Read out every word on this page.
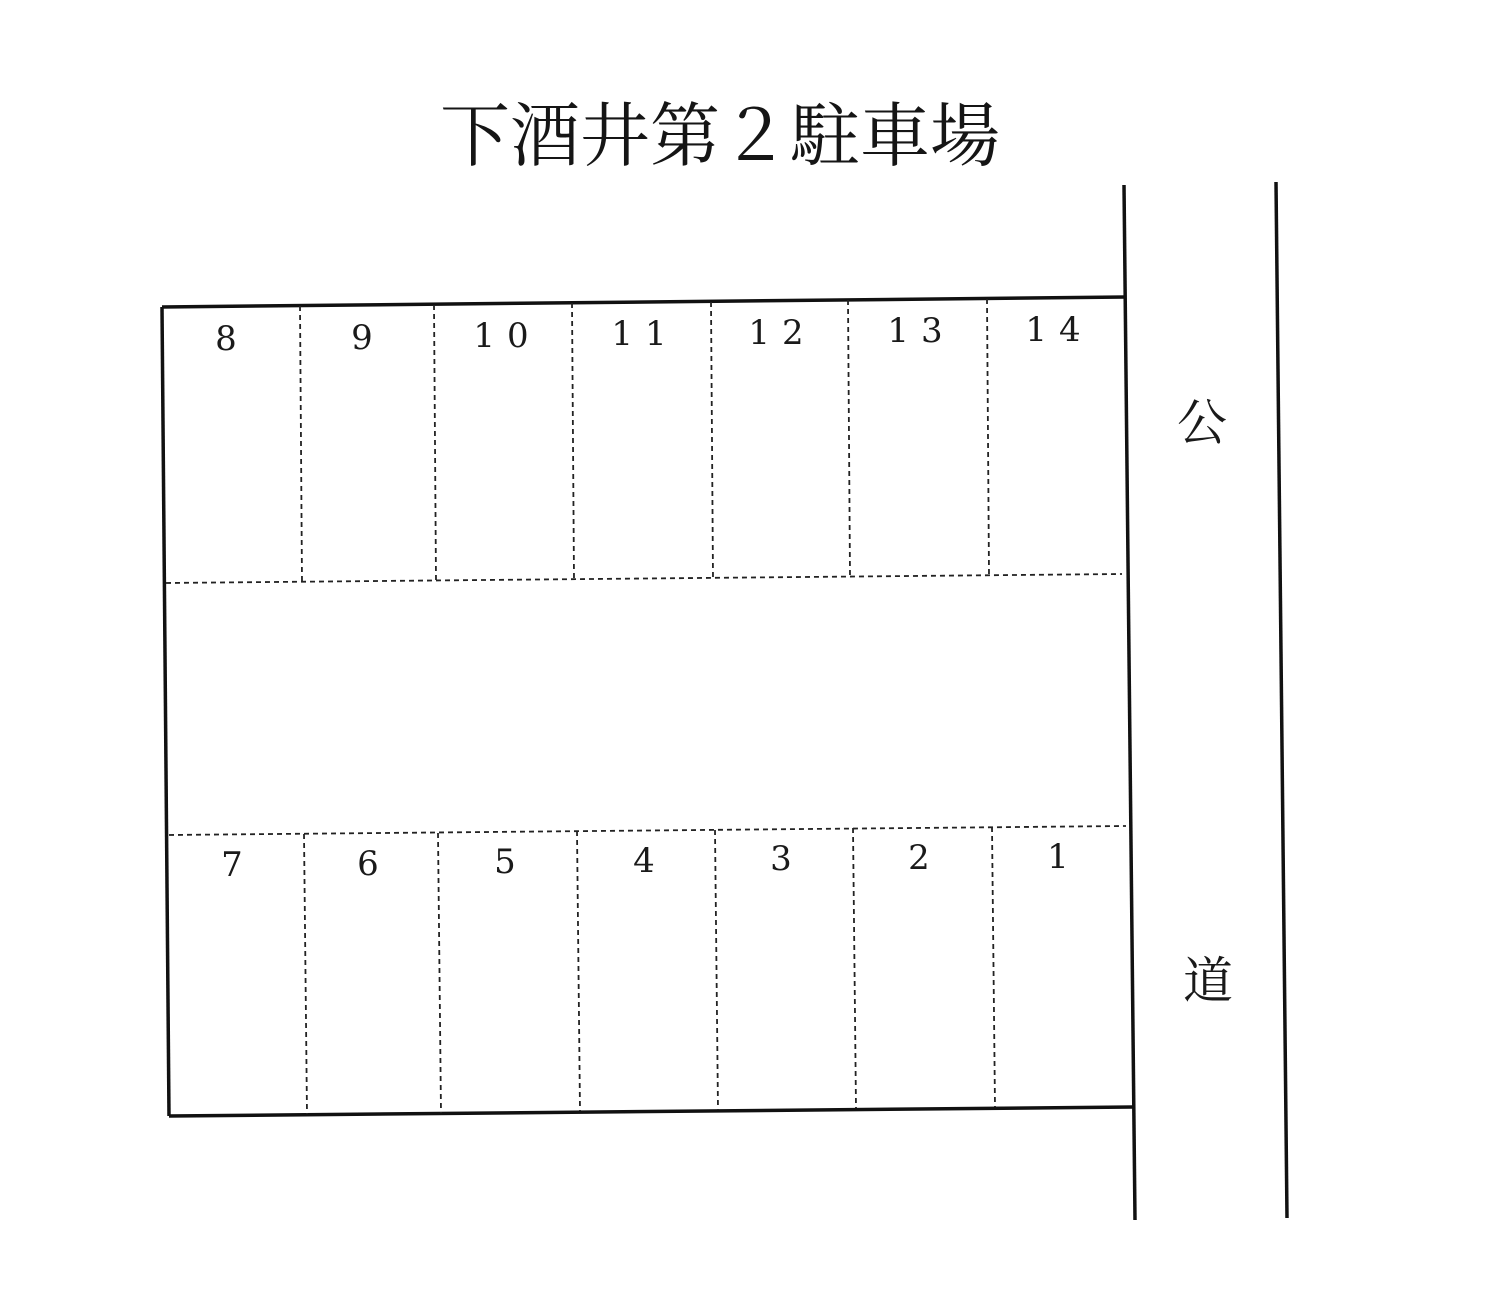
下酒井第２駐車場
公
道
8	9	10 11 12 13 14
7	6	5	4	3	2	1
